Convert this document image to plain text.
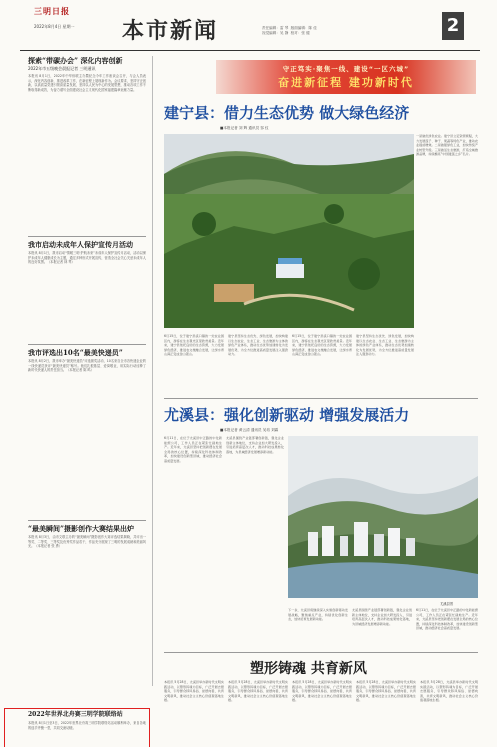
三明日报
2022年8月4日 星期一 本市新闻	责任编辑：雷 琴  版面编辑：陈 佳
视觉编辑：吴 静  校对：张 健	2
探索“带碳办会” 深化内容创新
2022年市五级晚会晨报记者 三明通讯
本报讯 8月1日，2022年中华侨联主办暨纪念今年工作座谈会召开，与会人员表示，深化内容创新，推进改革工作，在新征程上展现新作为。会议要求，坚持守正创新，以高质量党建引领高质量发展，坚持以人民为中心的发展思想，推动各项工作不断取得新成效，为奋力谱写全面建设社会主义现代化国家福建篇章贡献力量。
我市启动未成年人保护宣传月活动
本报讯 8月1日，我市启动“情暖三明·护航未来”未成年人保护宣传月活动，活动以保护未成年人健康成长为主题，通过多种形式开展宣传，营造全社会关心关爱未成年人的良好氛围。（本报记者 林 琴）
我市评选出10名“最美快递员”
本报讯 8月2日，我市举办“最美快递员”评选颁奖活动，10名来自全市各快递企业的一线快递员获评“最美快递员”称号。他们扎根基层、爱岗敬业，用实际行动诠释了新时代快递人的责任担当。（本报记者 陈 鸣）
“最美瞬间”摄影创作大赛结果出炉
本报讯 8月3日，由市文联主办的“最美瞬间”摄影创作大赛评选结果揭晓，共评出一等奖、二等奖、三等奖及优秀奖作品若干，作品充分展现了三明的发展成就和美丽风光。（本报记者 张 勇）
2022年世界北舟赛三明学院联络站
本报讯 8月1日至3日，2022年世界北舟赛三明学院联络站活动顺利举办，来自各地的选手齐聚一堂，共同交流切磋。
守正笃实·聚焦一线、建设“一区六城”
奋进新征程 建功新时代
建宁县：借力生态优势 做大绿色经济
■本报记者 刘 辉 通讯员 邹 仪
一是做优绿色农业。建宁县立足资源禀赋，大力发展莲子、种子、果蔬等特色产业，推动农业提质增效。二是做强绿色工业，加快传统产业转型升级。三是做活生态旅游，打造全域旅游品牌，持续擦亮“中国建莲之乡”名片。
6月15日，位于建宁县溪口镇的一处农业园区内，游客在生态观光区里欣赏美景。近年来，建宁县依托良好的生态资源，大力发展绿色经济，推进农文旅融合发展，让绿水青山真正变成金山银山。
建宁县坚持生态优先、绿色发展，加快构建以生态农业、生态工业、生态旅游为主体的绿色产业体系，推动生态优势加速转化为发展优势，为全方位推进高质量发展注入强劲动力。
6月15日，位于建宁县溪口镇的一处农业园区内，游客在生态观光区里欣赏美景。近年来，建宁县依托良好的生态资源，大力发展绿色经济，推进农文旅融合发展，让绿水青山真正变成金山银山。
建宁县坚持生态优先、绿色发展，加快构建以生态农业、生态工业、生态旅游为主体的绿色产业体系，推动生态优势加速转化为发展优势，为全方位推进高质量发展注入强劲动力。
尤溪县：强化创新驱动 增强发展活力
■本报记者 黄云清 通讯员 吴培 刘霖
6月11日，在位于尤溪县中正路的中化新能源公司，工作人员正在紧张忙碌地生产。近年来，尤溪县坚持把创新摆在发展全局的核心位置，持续深化科技体制改革，加快建设创新型县域，推动经济社会高质量发展。
尤溪县围绕产业链部署创新链，强化企业创新主体地位，支持企业加大研发投入，引进培育高层次人才，推动科技成果转化落地，为县域经济发展增添新动能。
尤溪县景
下一步，尤溪县将继续深入实施创新驱动发展战略，聚焦重点产业，持续优化创新生态，加快培育发展新动能。
尤溪县围绕产业链部署创新链，强化企业创新主体地位，支持企业加大研发投入，引进培育高层次人才，推动科技成果转化落地，为县域经济发展增添新动能。
6月11日，在位于尤溪县中正路的中化新能源公司，工作人员正在紧张忙碌地生产。近年来，尤溪县坚持把创新摆在发展全局的核心位置，持续深化科技体制改革，加快建设创新型县域，推动经济社会高质量发展。
塑形铸魂 共育新风
本报讯 5月28日，尤溪县举办新时代文明实践活动，以塑形铸魂为目标，广泛开展志愿服务，引导群众移风易俗、崇德向善，共育文明新风，推动社会主义核心价值观落地生根。
本报讯 5月28日，尤溪县举办新时代文明实践活动，以塑形铸魂为目标，广泛开展志愿服务，引导群众移风易俗、崇德向善，共育文明新风，推动社会主义核心价值观落地生根。
本报讯 5月28日，尤溪县举办新时代文明实践活动，以塑形铸魂为目标，广泛开展志愿服务，引导群众移风易俗、崇德向善，共育文明新风，推动社会主义核心价值观落地生根。
本报讯 5月28日，尤溪县举办新时代文明实践活动，以塑形铸魂为目标，广泛开展志愿服务，引导群众移风易俗、崇德向善，共育文明新风，推动社会主义核心价值观落地生根。
本报讯 5月28日，尤溪县举办新时代文明实践活动，以塑形铸魂为目标，广泛开展志愿服务，引导群众移风易俗、崇德向善，共育文明新风，推动社会主义核心价值观落地生根。
